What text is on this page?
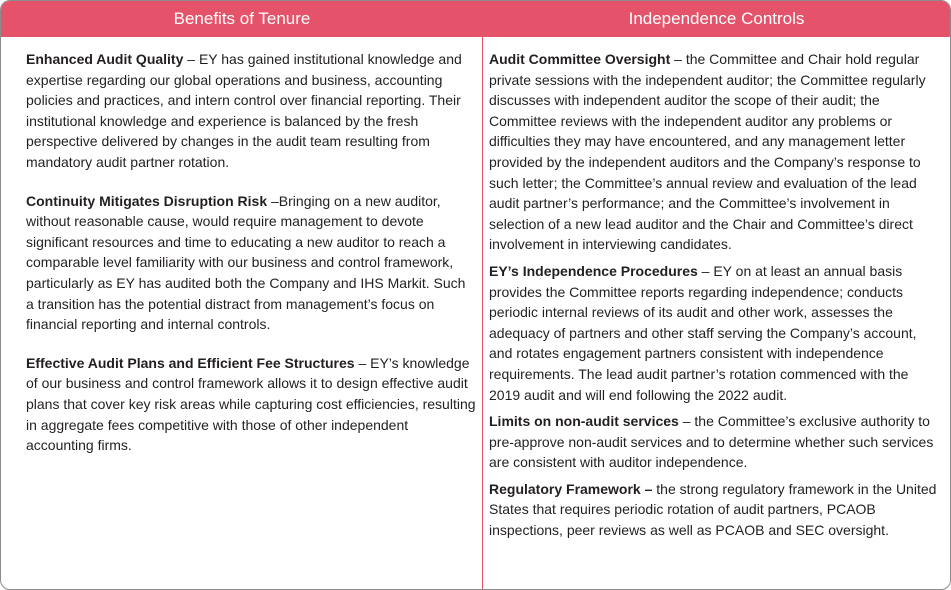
Benefits of Tenure	Independence Controls

Enhanced Audit Quality – EY has gained institutional knowledge and expertise regarding our global operations and business, accounting policies and practices, and intern control over financial reporting. Their institutional knowledge and experience is balanced by the fresh perspective delivered by changes in the audit team resulting from mandatory audit partner rotation.

Continuity Mitigates Disruption Risk –Bringing on a new auditor, without reasonable cause, would require management to devote significant resources and time to educating a new auditor to reach a comparable level familiarity with our business and control framework, particularly as EY has audited both the Company and IHS Markit. Such a transition has the potential distract from management’s focus on financial reporting and internal controls.

Effective Audit Plans and Efficient Fee Structures – EY’s knowledge of our business and control framework allows it to design effective audit plans that cover key risk areas while capturing cost efficiencies, resulting in aggregate fees competitive with those of other independent accounting firms.

Audit Committee Oversight – the Committee and Chair hold regular private sessions with the independent auditor; the Committee regularly discusses with independent auditor the scope of their audit; the Committee reviews with the independent auditor any problems or difficulties they may have encountered, and any management letter provided by the independent auditors and the Company’s response to such letter; the Committee’s annual review and evaluation of the lead audit partner’s performance; and the Committee’s involvement in selection of a new lead auditor and the Chair and Committee’s direct involvement in interviewing candidates.

EY’s Independence Procedures – EY on at least an annual basis provides the Committee reports regarding independence; conducts periodic internal reviews of its audit and other work, assesses the adequacy of partners and other staff serving the Company’s account, and rotates engagement partners consistent with independence requirements. The lead audit partner’s rotation commenced with the 2019 audit and will end following the 2022 audit.

Limits on non-audit services – the Committee’s exclusive authority to pre-approve non-audit services and to determine whether such services are consistent with auditor independence.

Regulatory Framework – the strong regulatory framework in the United States that requires periodic rotation of audit partners, PCAOB inspections, peer reviews as well as PCAOB and SEC oversight.
